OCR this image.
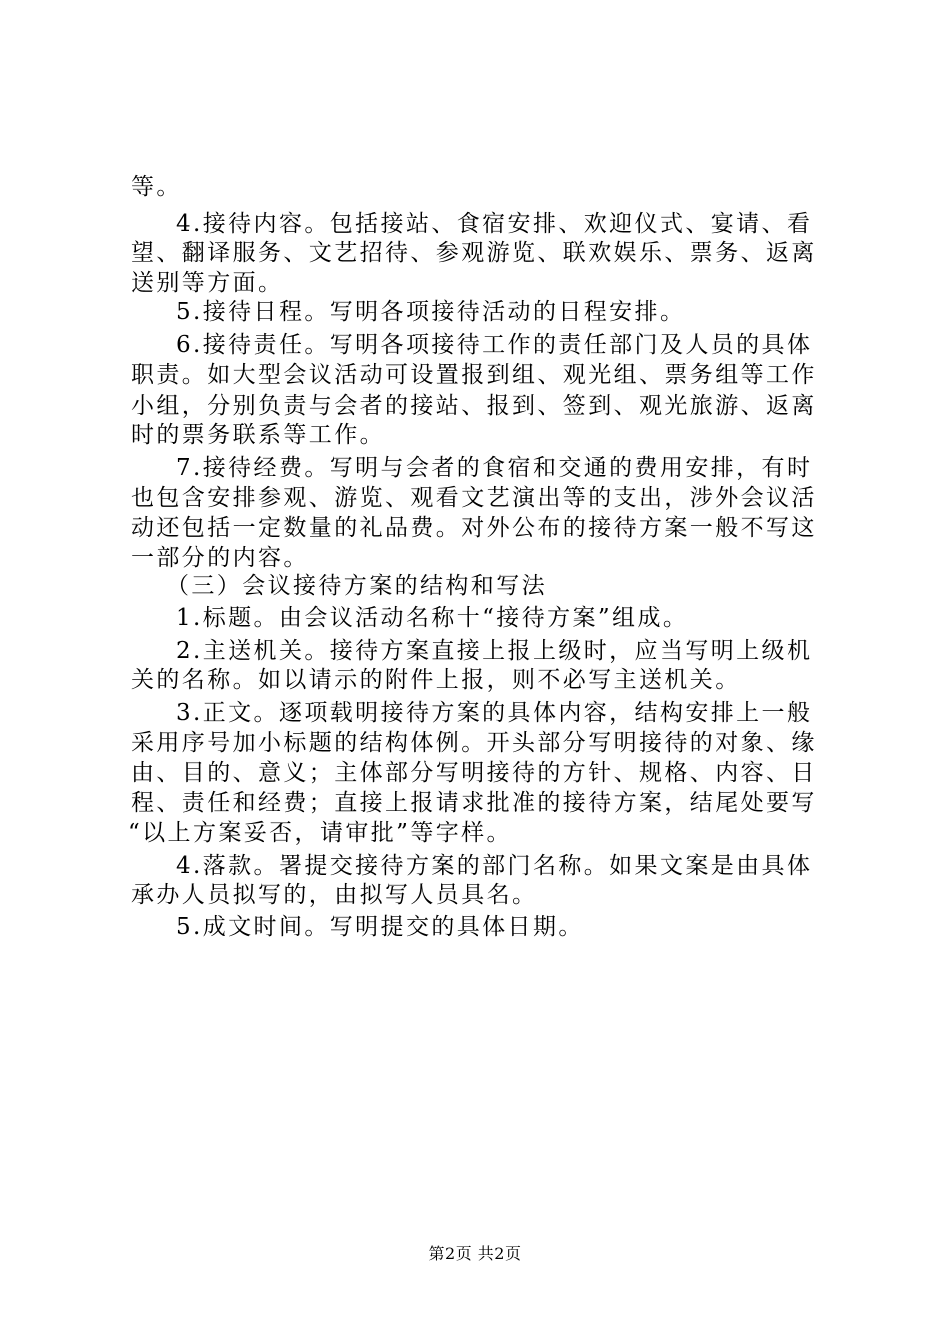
等。
4.接待内容。包括接站、食宿安排、欢迎仪式、宴请、看
望、翻译服务、文艺招待、参观游览、联欢娱乐、票务、返离
送别等方面。
5.接待日程。写明各项接待活动的日程安排。
6.接待责任。写明各项接待工作的责任部门及人员的具体
职责。如大型会议活动可设置报到组、观光组、票务组等工作
小组，分别负责与会者的接站、报到、签到、观光旅游、返离
时的票务联系等工作。
7.接待经费。写明与会者的食宿和交通的费用安排，有时
也包含安排参观、游览、观看文艺演出等的支出，涉外会议活
动还包括一定数量的礼品费。对外公布的接待方案一般不写这
一部分的内容。
（三）会议接待方案的结构和写法
1.标题。由会议活动名称十“接待方案”组成。
2.主送机关。接待方案直接上报上级时，应当写明上级机
关的名称。如以请示的附件上报，则不必写主送机关。
3.正文。逐项载明接待方案的具体内容，结构安排上一般
采用序号加小标题的结构体例。开头部分写明接待的对象、缘
由、目的、意义；主体部分写明接待的方针、规格、内容、日
程、责任和经费；直接上报请求批准的接待方案，结尾处要写
“以上方案妥否，请审批”等字样。
4.落款。署提交接待方案的部门名称。如果文案是由具体
承办人员拟写的，由拟写人员具名。
5.成文时间。写明提交的具体日期。
第2页 共2页
